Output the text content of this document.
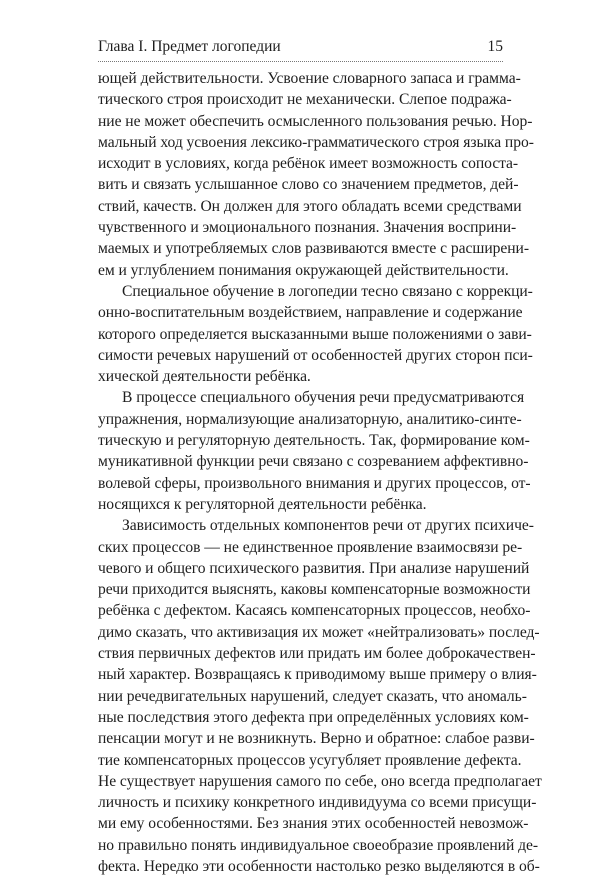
Глава I. Предмет логопедии	15
ющей действительности. Усвоение словарного запаса и граммa-
тического строя происходит не механически. Слепое подража-
ние не может обеспечить осмысленного пользования речью. Нор-
мальный ход усвоения лексико-грамматического строя языка про-
исходит в условиях, когда ребёнок имеет возможность сопостa-
вить и связать услышанное слово со значением предметов, дей-
ствий, качеств. Он должен для этого обладать всеми средствами
чувственного и эмоционального познания. Значения восприни-
маемых и употребляемых слов развиваются вместе с расширени-
ем и углублением понимания окружающей действительности.
Специальное обучение в логопедии тесно связано с коррекци-
онно-воспитательным воздействием, направление и содержание
которого определяется высказанными выше положениями о зави-
симости речевых нарушений от особенностей других сторон пси-
хической деятельности ребёнка.
В процессе специального обучения речи предусматриваются
упражнения, нормализующие анализаторную, аналитико-синте-
тическую и регуляторную деятельность. Так, формирование ком-
муникативной функции речи связано с созреванием аффективно-
волевой сферы, произвольного внимания и других процессов, от-
носящихся к регуляторной деятельности ребёнка.
Зависимость отдельных компонентов речи от других психиче-
ских процессов — не единственное проявление взаимосвязи ре-
чевого и общего психического развития. При анализе нарушений
речи приходится выяснять, каковы компенсаторные возможности
ребёнка с дефектом. Касаясь компенсаторных процессов, необхо-
димо сказать, что активизация их может «нейтрализовать» послед-
ствия первичных дефектов или придать им более доброкачествен-
ный характер. Возвращаясь к приводимому выше примеру о влия-
нии речедвигательных нарушений, следует сказать, что аномаль-
ные последствия этого дефекта при определённых условиях ком-
пенсации могут и не возникнуть. Верно и обратное: слабое разви-
тие компенсаторных процессов усугубляет проявление дефекта.
Не существует нарушения самого по себе, оно всегда предполагает
личность и психику конкретного индивидуума со всеми присущи-
ми ему особенностями. Без знания этих особенностей невозмож-
но правильно понять индивидуальное своеобразие проявлений де-
фекта. Нередко эти особенности настолько резко выделяются в об-
